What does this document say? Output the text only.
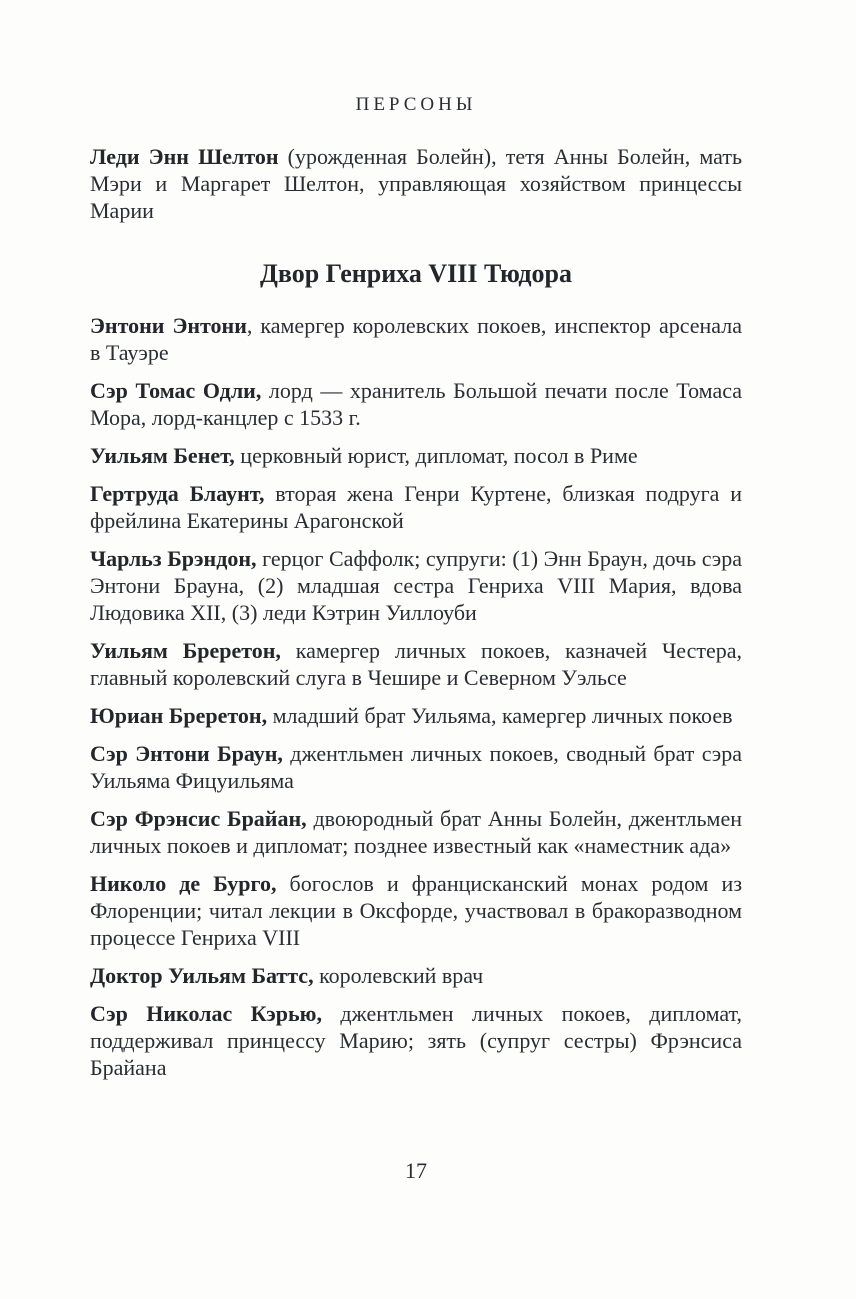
ПЕРСОНЫ

Леди Энн Шелтон (урожденная Болейн), тетя Анны Болейн, мать Мэри и Маргарет Шелтон, управляющая хозяйством принцессы Марии

Двор Генриха VIII Тюдора

Энтони Энтони, камергер королевских покоев, инспектор арсенала в Тауэре

Сэр Томас Одли, лорд — хранитель Большой печати после Томаса Мора, лорд-канцлер с 1533 г.

Уильям Бенет, церковный юрист, дипломат, посол в Риме

Гертруда Блаунт, вторая жена Генри Куртене, близкая подруга и фрейлина Екатерины Арагонской

Чарльз Брэндон, герцог Саффолк; супруги: (1) Энн Браун, дочь сэра Энтони Брауна, (2) младшая сестра Генриха VIII Мария, вдова Людовика XII, (3) леди Кэтрин Уиллоуби

Уильям Бреретон, камергер личных покоев, казначей Честера, главный королевский слуга в Чешире и Северном Уэльсе

Юриан Бреретон, младший брат Уильяма, камергер личных покоев

Сэр Энтони Браун, джентльмен личных покоев, сводный брат сэра Уильяма Фицуильяма

Сэр Фрэнсис Брайан, двоюродный брат Анны Болейн, джентльмен личных покоев и дипломат; позднее известный как «наместник ада»

Николо де Бурго, богослов и францисканский монах родом из Флоренции; читал лекции в Оксфорде, участвовал в бракоразводном процессе Генриха VIII

Доктор Уильям Баттс, королевский врач

Сэр Николас Кэрью, джентльмен личных покоев, дипломат, поддерживал принцессу Марию; зять (супруг сестры) Фрэнсиса Брайана

17
